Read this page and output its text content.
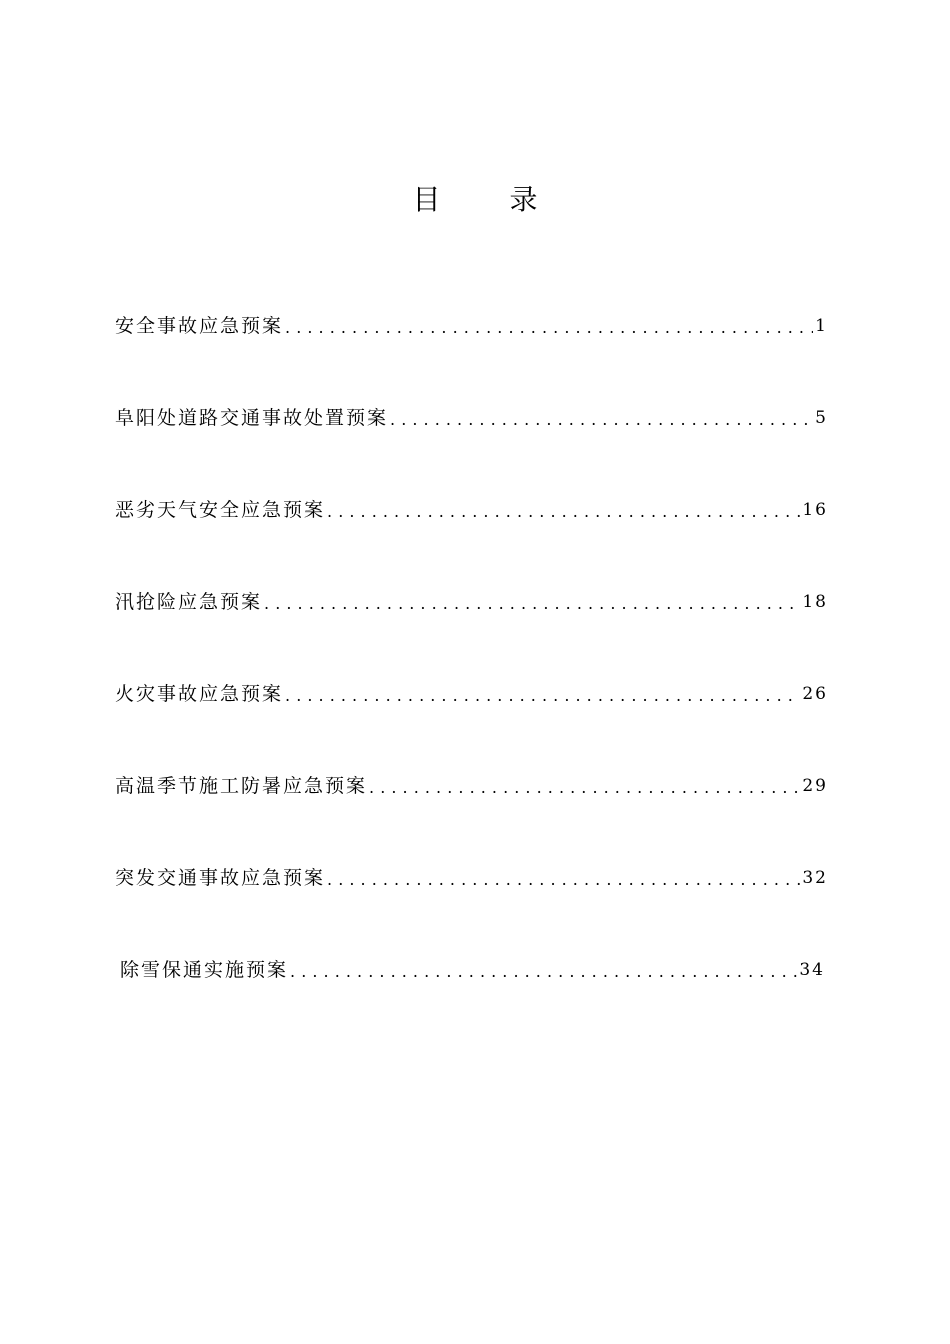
目 录
安全事故应急预案 . . .	1
阜阳处道路交通事故处置预案 . . .	5
恶劣天气安全应急预案 . . .	16
汛抢险应急预案 . . .	18
火灾事故应急预案 . . .	26
高温季节施工防暑应急预案 . . .	29
突发交通事故应急预案 . . .	32
除雪保通实施预案 . . .	34
